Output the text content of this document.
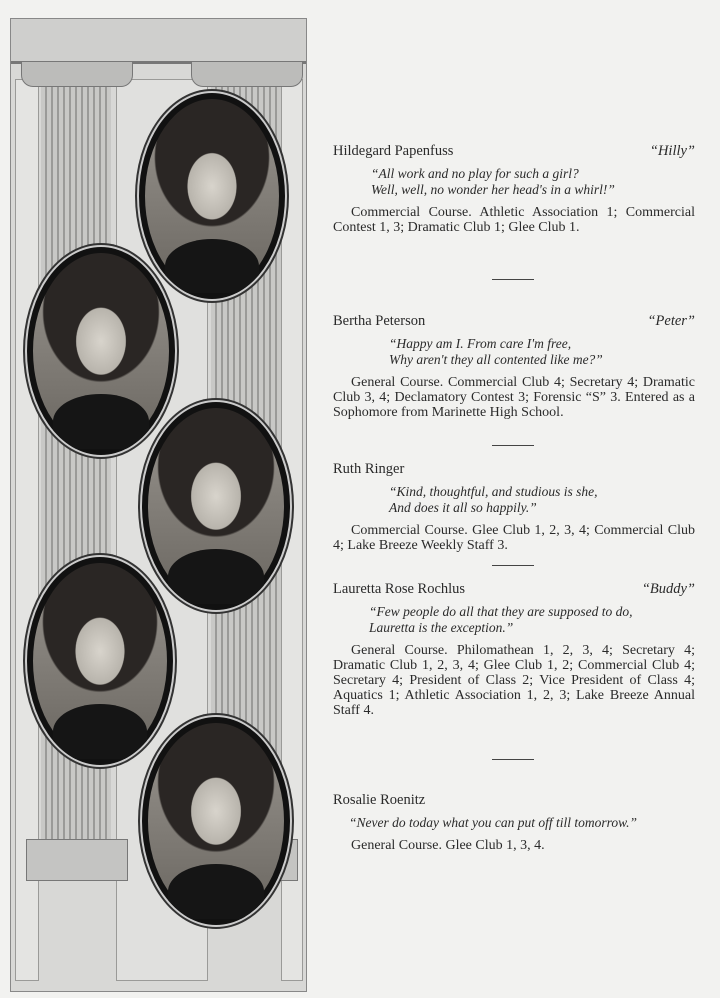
Hildegard Papenfuss	“Hilly”
“All work and no play for such a girl?
Well, well, no wonder her head's in a whirl!”
Commercial Course. Athletic Association 1; Commercial Contest 1, 3; Dramatic Club 1; Glee Club 1.
Bertha Peterson	“Peter”
“Happy am I. From care I'm free,
Why aren't they all contented like me?”
General Course. Commercial Club 4; Secretary 4; Dramatic Club 3, 4; Declamatory Contest 3; Forensic “S” 3. Entered as a Sophomore from Marinette High School.
Ruth Ringer
“Kind, thoughtful, and studious is she,
And does it all so happily.”
Commercial Course. Glee Club 1, 2, 3, 4; Commercial Club 4; Lake Breeze Weekly Staff 3.
Lauretta Rose Rochlus	“Buddy”
“Few people do all that they are supposed to do,
Lauretta is the exception.”
General Course. Philomathean 1, 2, 3, 4; Secretary 4; Dramatic Club 1, 2, 3, 4; Glee Club 1, 2; Commercial Club 4; Secretary 4; President of Class 2; Vice President of Class 4; Aquatics 1; Athletic Association 1, 2, 3; Lake Breeze Annual Staff 4.
Rosalie Roenitz
“Never do today what you can put off till tomorrow.”
General Course. Glee Club 1, 3, 4.
